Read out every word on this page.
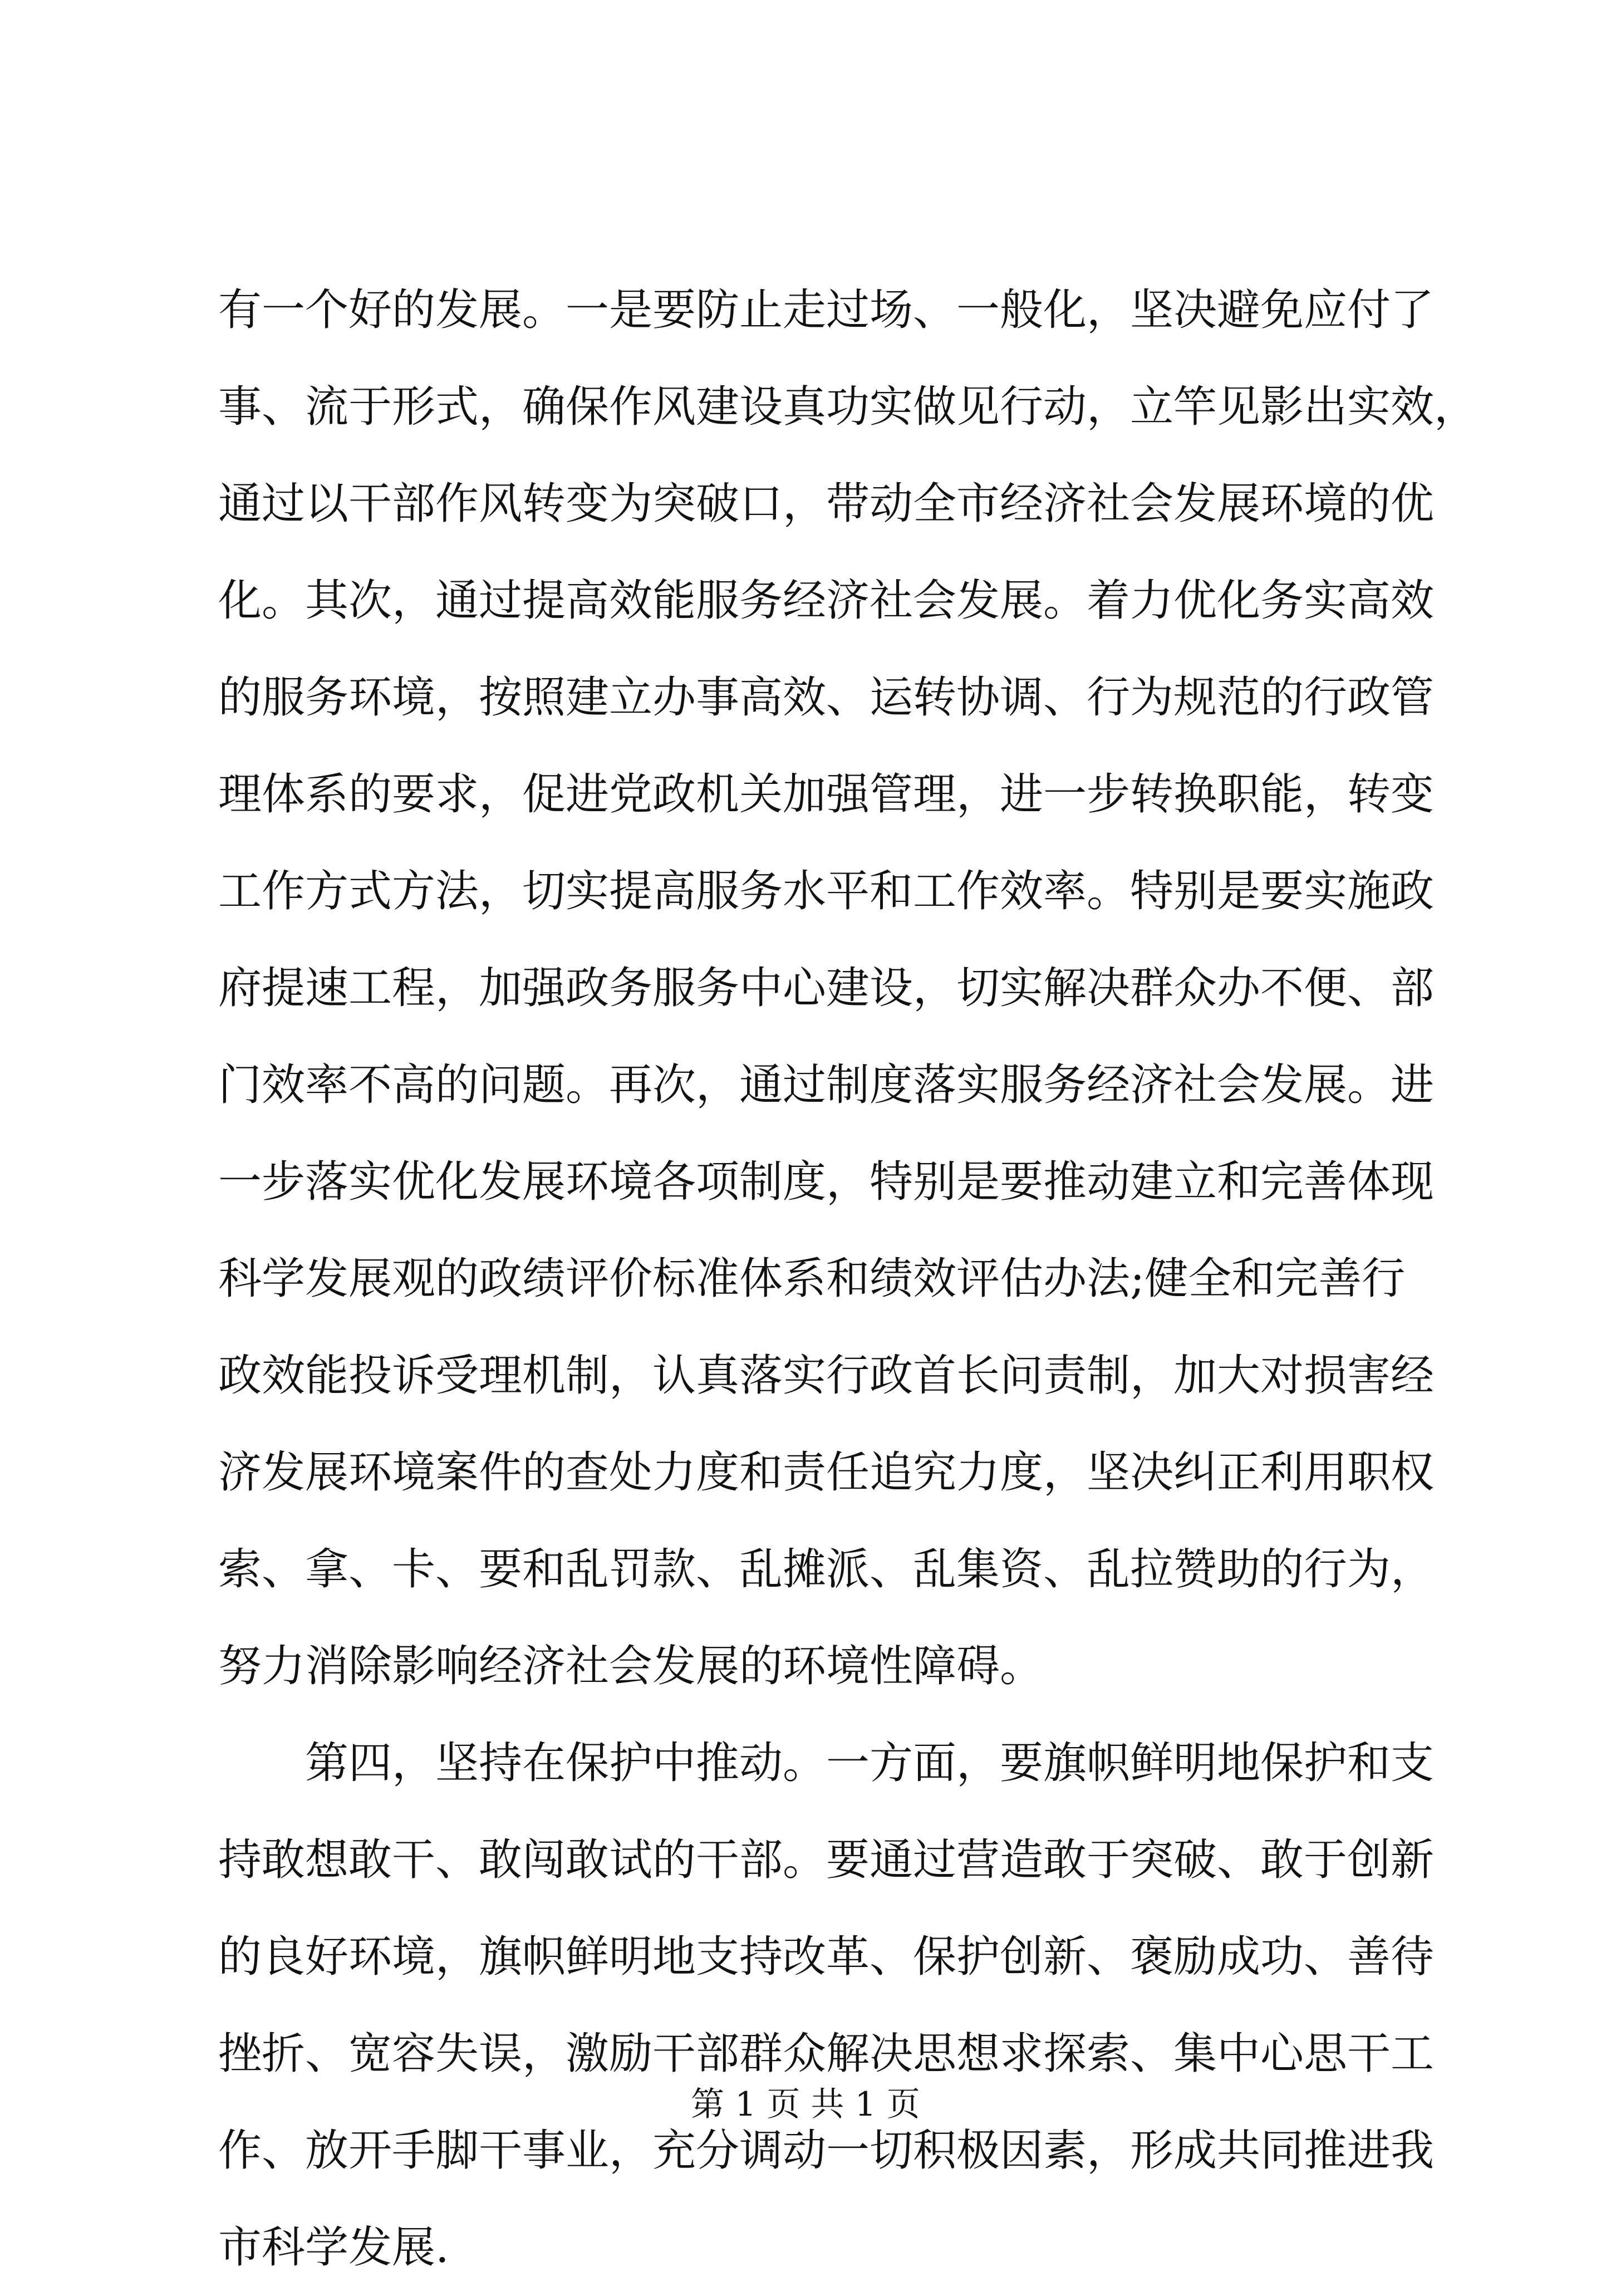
有一个好的发展。一是要防止走过场、一般化，坚决避免应付了
事、流于形式，确保作风建设真功实做见行动，立竿见影出实效，
通过以干部作风转变为突破口，带动全市经济社会发展环境的优
化。其次，通过提高效能服务经济社会发展。着力优化务实高效
的服务环境，按照建立办事高效、运转协调、行为规范的行政管
理体系的要求，促进党政机关加强管理，进一步转换职能，转变
工作方式方法，切实提高服务水平和工作效率。特别是要实施政
府提速工程，加强政务服务中心建设，切实解决群众办不便、部
门效率不高的问题。再次，通过制度落实服务经济社会发展。进
一步落实优化发展环境各项制度，特别是要推动建立和完善体现
科学发展观的政绩评价标准体系和绩效评估办法;健全和完善行
政效能投诉受理机制，认真落实行政首长问责制，加大对损害经
济发展环境案件的查处力度和责任追究力度，坚决纠正利用职权
索、拿、卡、要和乱罚款、乱摊派、乱集资、乱拉赞助的行为，
努力消除影响经济社会发展的环境性障碍。
第四，坚持在保护中推动。一方面，要旗帜鲜明地保护和支
持敢想敢干、敢闯敢试的干部。要通过营造敢于突破、敢于创新
的良好环境，旗帜鲜明地支持改革、保护创新、褒励成功、善待
挫折、宽容失误，激励干部群众解决思想求探索、集中心思干工
作、放开手脚干事业，充分调动一切积极因素，形成共同推进我
市科学发展.
第 1 页 共 1 页
